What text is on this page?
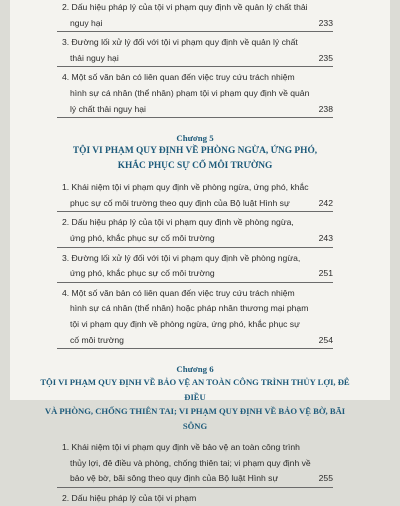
2. Dấu hiệu pháp lý của tội vi phạm quy định về quản lý chất thải nguy hại	233
3. Đường lối xử lý đối với tội vi phạm quy định về quản lý chất thải nguy hại	235
4. Một số văn bản có liên quan đến việc truy cứu trách nhiệm hình sự cá nhân (thể nhân) phạm tội vi phạm quy định về quản lý chất thải nguy hại	238
Chương 5
TỘI VI PHẠM QUY ĐỊNH VỀ PHÒNG NGỪA, ỨNG PHÓ,
KHẮC PHỤC SỰ CỐ MÔI TRƯỜNG
1. Khái niệm tội vi phạm quy định về phòng ngừa, ứng phó, khắc phục sự cố môi trường theo quy định của Bộ luật Hình sự	242
2. Dấu hiệu pháp lý của tội vi phạm quy định về phòng ngừa, ứng phó, khắc phục sự cố môi trường	243
3. Đường lối xử lý đối với tội vi phạm quy định về phòng ngừa, ứng phó, khắc phục sự cố môi trường	251
4. Một số văn bản có liên quan đến việc truy cứu trách nhiệm hình sự cá nhân (thể nhân) hoặc pháp nhân thương mại phạm tội vi phạm quy định về phòng ngừa, ứng phó, khắc phục sự cố môi trường	254
Chương 6
TỘI VI PHẠM QUY ĐỊNH VỀ BẢO VỆ AN TOÀN CÔNG TRÌNH THỦY LỢI, ĐÊ ĐIỀU
VÀ PHÒNG, CHỐNG THIÊN TAI; VI PHẠM QUY ĐỊNH VỀ BẢO VỆ BỜ, BÃI SÔNG
1. Khái niệm tội vi phạm quy định về bảo vệ an toàn công trình thủy lợi, đê điều và phòng, chống thiên tai; vi phạm quy định về bảo vệ bờ, bãi sông theo quy định của Bộ luật Hình sự	255
2. Dấu hiệu pháp lý của tội vi phạm
